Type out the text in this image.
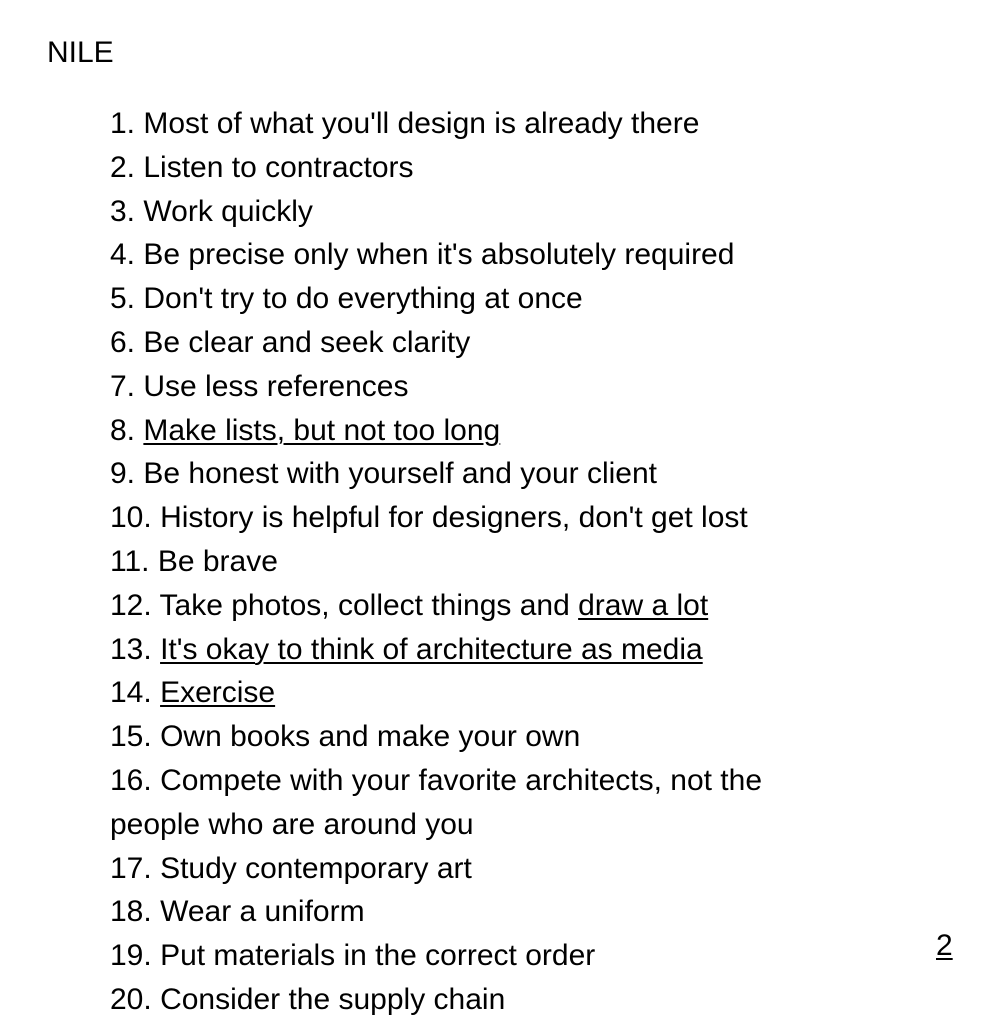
NILE
1. Most of what you'll design is already there
2. Listen to contractors
3. Work quickly
4. Be precise only when it's absolutely required
5. Don't try to do everything at once
6. Be clear and seek clarity
7. Use less references
8. Make lists, but not too long
9. Be honest with yourself and your client
10. History is helpful for designers, don't get lost
11. Be brave
12. Take photos, collect things and draw a lot
13. It's okay to think of architecture as media
14. Exercise
15. Own books and make your own
16. Compete with your favorite architects, not the people who are around you
17. Study contemporary art
18. Wear a uniform
19. Put materials in the correct order
20. Consider the supply chain
2
